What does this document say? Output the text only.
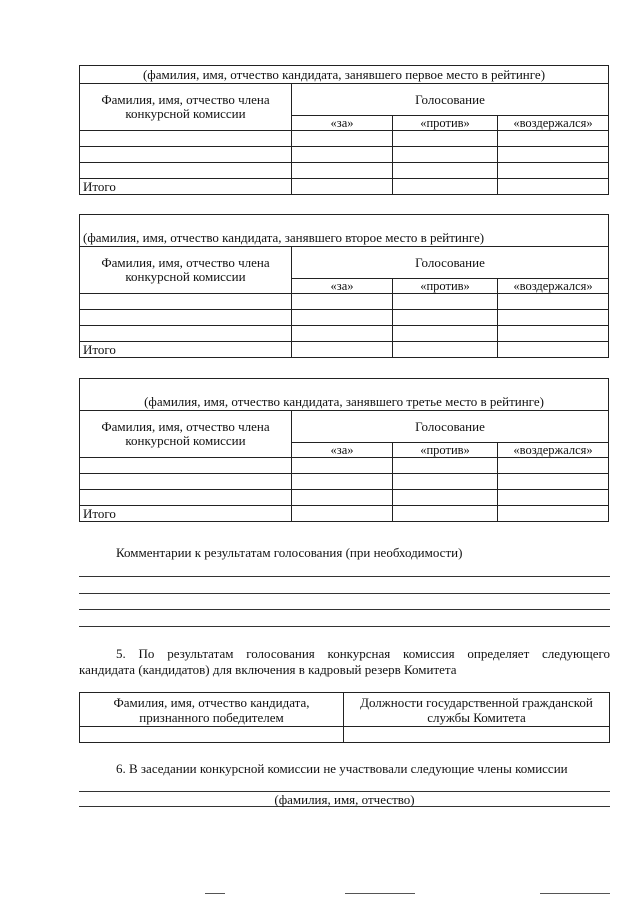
(фамилия, имя, отчество кандидата, занявшего первое место в рейтинге)			
Фамилия, имя, отчество члена конкурсной комиссии	Голосование		
	«за»	«против»	«воздержался»

Итого			
(фамилия, имя, отчество кандидата, занявшего второе место в рейтинге)			
Фамилия, имя, отчество члена конкурсной комиссии	Голосование		
	«за»	«против»	«воздержался»

Итого			
(фамилия, имя, отчество кандидата, занявшего третье место в рейтинге)			
Фамилия, имя, отчество члена конкурсной комиссии	Голосование		
	«за»	«против»	«воздержался»

Итого			
Комментарии к результатам голосования (при необходимости)
5. По результатам голосования конкурсная комиссия определяет следующего
кандидата (кандидатов) для включения в кадровый резерв Комитета
Фамилия, имя, отчество кандидата, признанного победителем	Должности государственной гражданской службы Комитета

6. В заседании конкурсной комиссии не участвовали следующие члены комиссии
(фамилия, имя, отчество)
